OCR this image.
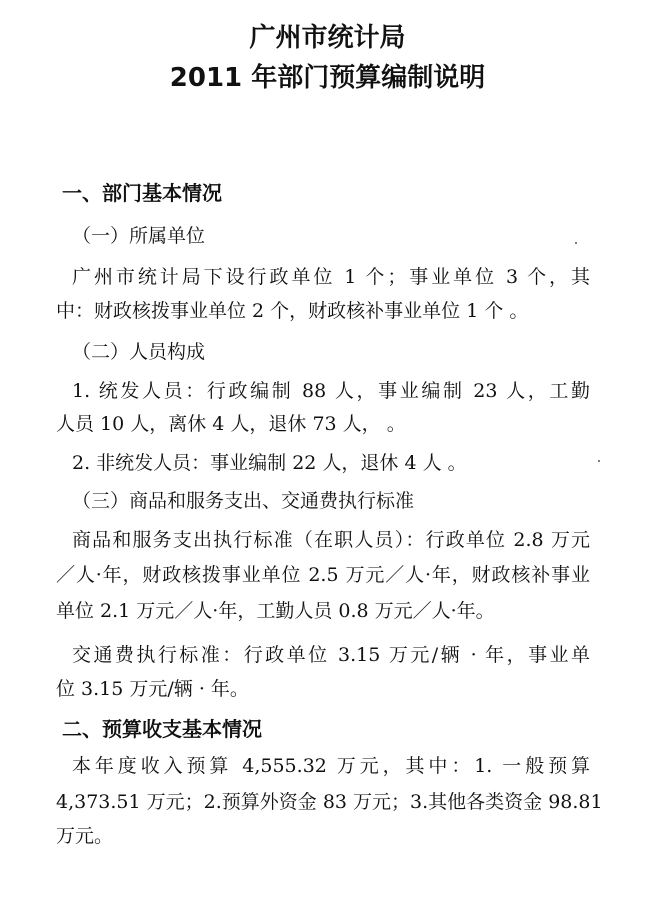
广州市统计局
2011 年部门预算编制说明
一、部门基本情况
（一）所属单位
广州市统计局下设行政单位 1 个；事业单位 3 个，其
中：财政核拨事业单位 2 个，财政核补事业单位 1 个 。
（二）人员构成
1. 统发人员：行政编制 88 人，事业编制 23 人，工勤
人员 10 人，离休 4 人，退休 73 人， 。
2. 非统发人员：事业编制 22 人，退休 4 人 。
（三）商品和服务支出、交通费执行标准
商品和服务支出执行标准（在职人员）：行政单位 2.8 万元
／人·年，财政核拨事业单位 2.5 万元／人·年，财政核补事业
单位 2.1 万元／人·年，工勤人员 0.8 万元／人·年。
交通费执行标准：行政单位 3.15 万元/辆 · 年，事业单
位 3.15 万元/辆 · 年。
二、预算收支基本情况
本年度收入预算 4,555.32 万元，其中：1. 一般预算
4,373.51 万元；2.预算外资金 83 万元；3.其他各类资金 98.81
万元。
